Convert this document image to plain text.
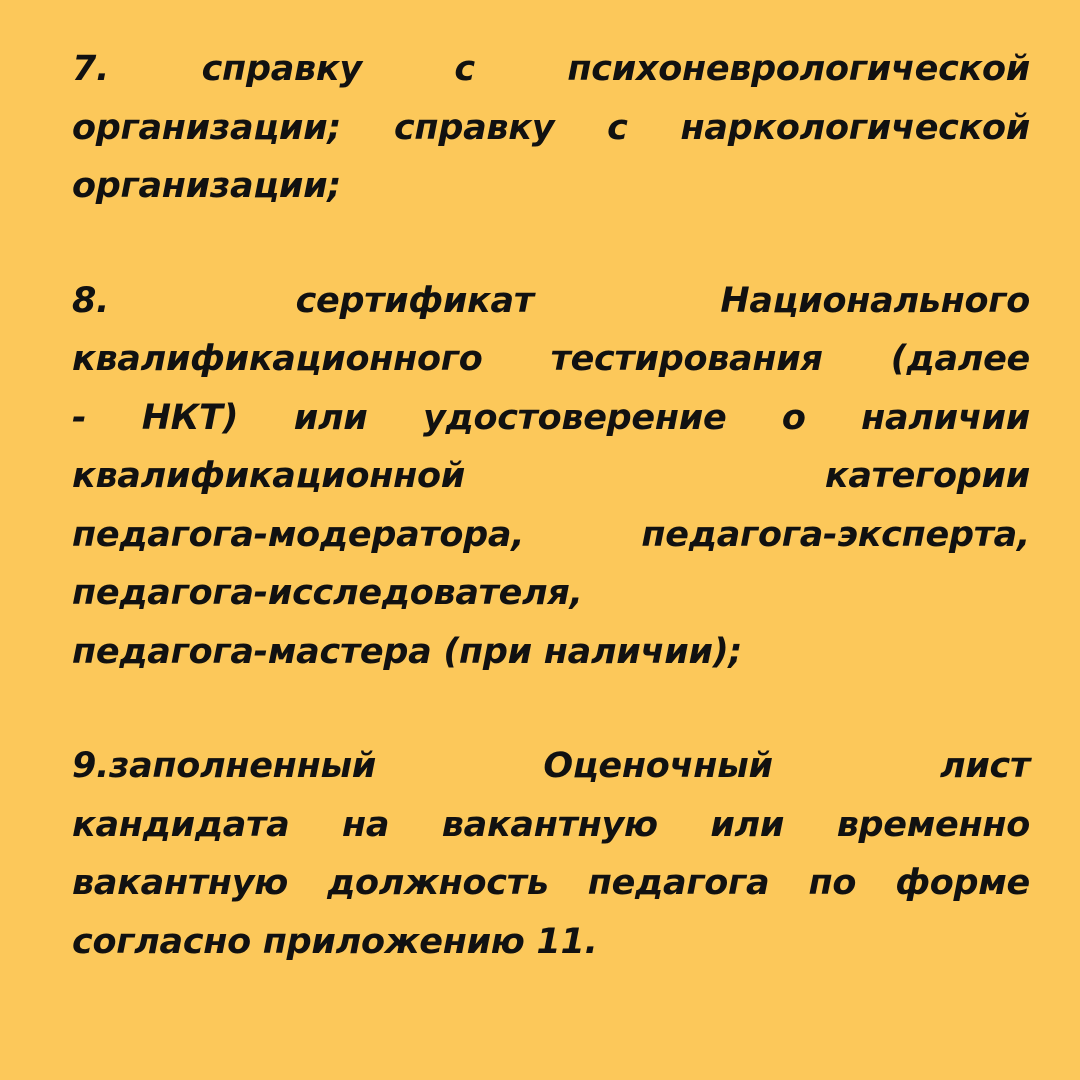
7.	справку	с	психоневрологической
организации; справку с наркологической
организации;
8.	сертификат	Национального
квалификационного тестирования (далее
- НКТ) или удостоверение о наличии
квалификационной	категории
педагога-модератора,	педагога-эксперта,
педагога-исследователя,
педагога-мастера (при наличии);
9.заполненный	Оценочный	лист
кандидата на вакантную или временно
вакантную должность педагога по форме
согласно приложению 11.
